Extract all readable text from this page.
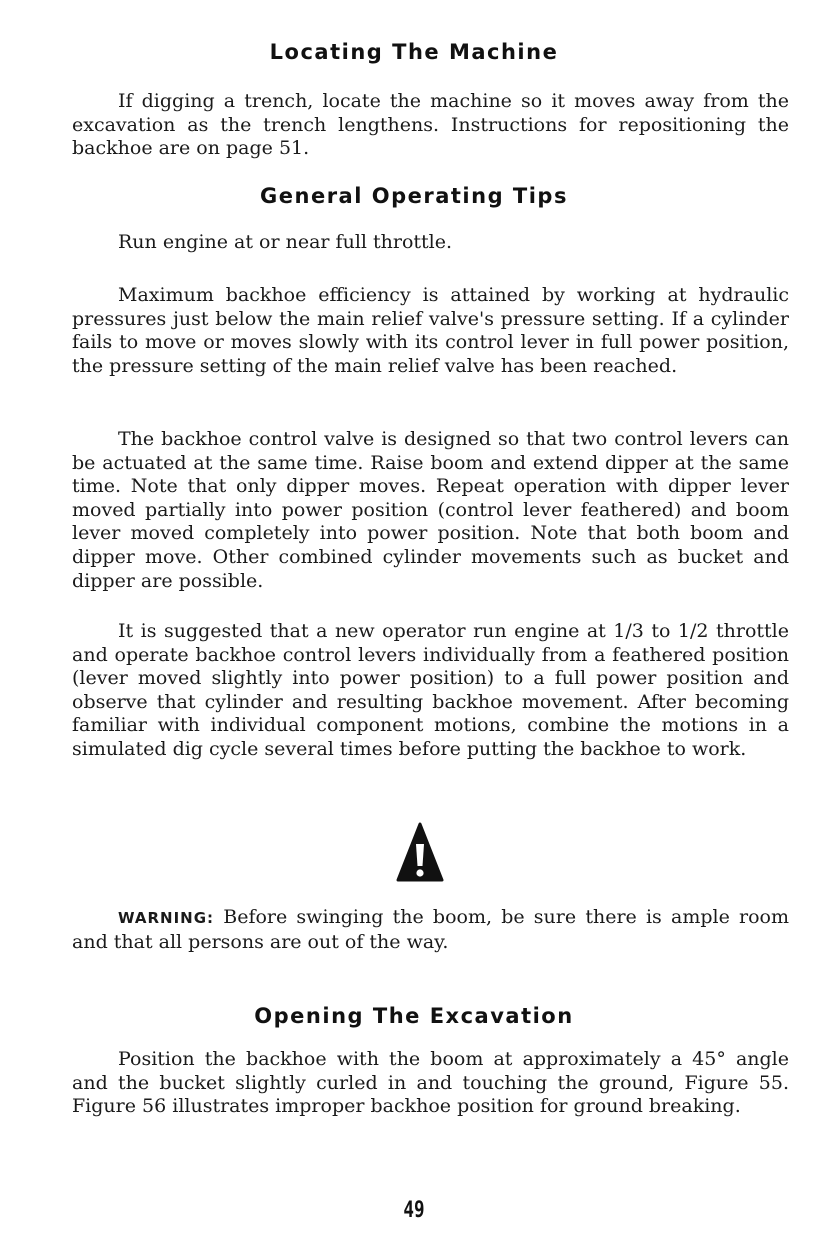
Locating The Machine

If digging a trench, locate the machine so it moves away from the excavation as the trench lengthens. Instructions for repositioning the backhoe are on page 51.

General Operating Tips

Run engine at or near full throttle.

Maximum backhoe efficiency is attained by working at hydraulic pressures just below the main relief valve's pressure setting. If a cylinder fails to move or moves slowly with its control lever in full power position, the pressure setting of the main relief valve has been reached.

The backhoe control valve is designed so that two control levers can be actuated at the same time. Raise boom and extend dipper at the same time. Note that only dipper moves. Repeat operation with dipper lever moved partially into power position (control lever feathered) and boom lever moved completely into power position. Note that both boom and dipper move. Other combined cylinder movements such as bucket and dipper are possible.

It is suggested that a new operator run engine at 1/3 to 1/2 throttle and operate backhoe control levers individually from a feathered position (lever moved slightly into power position) to a full power position and observe that cylinder and resulting backhoe movement. After becoming familiar with individual component motions, combine the motions in a simulated dig cycle several times before putting the backhoe to work.

WARNING: Before swinging the boom, be sure there is ample room and that all persons are out of the way.

Opening The Excavation

Position the backhoe with the boom at approximately a 45° angle and the bucket slightly curled in and touching the ground, Figure 55. Figure 56 illustrates improper backhoe position for ground breaking.

49
